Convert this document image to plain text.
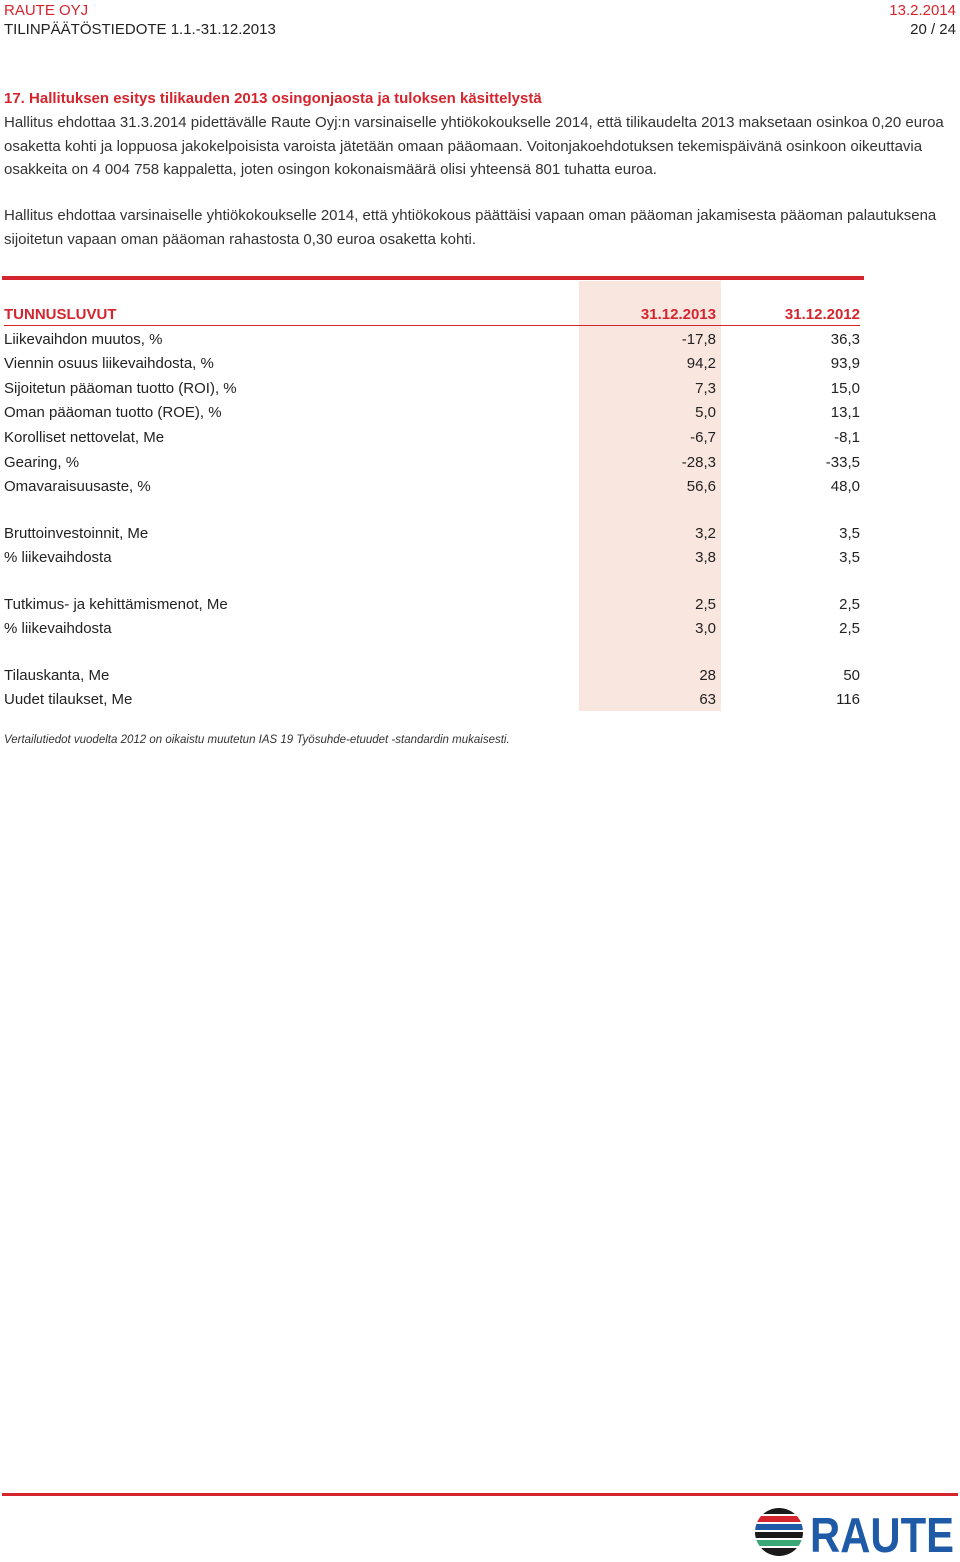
RAUTE OYJ
TILINPÄÄTÖSTIEDOTE 1.1.-31.12.2013
13.2.2014
20 / 24
17. Hallituksen esitys tilikauden 2013 osingonjaosta ja tuloksen käsittelystä
Hallitus ehdottaa 31.3.2014 pidettävälle Raute Oyj:n varsinaiselle yhtiökokoukselle 2014, että tilikaudelta 2013 maksetaan osinkoa 0,20 euroa osaketta kohti ja loppuosa jakokelpoisista varoista jätetään omaan pääomaan. Voitonjakoehdotuksen tekemispäivänä osinkoon oikeuttavia osakkeita on 4 004 758 kappaletta, joten osingon kokonaismäärä olisi yhteensä 801 tuhatta euroa.
Hallitus ehdottaa varsinaiselle yhtiökokoukselle 2014, että yhtiökokous päättäisi vapaan oman pääoman jakamisesta pääoman palautuksena sijoitetun vapaan oman pääoman rahastosta 0,30 euroa osaketta kohti.
TUNNUSLUVUT	31.12.2013	31.12.2012
Liikevaihdon muutos, %	-17,8	36,3
Viennin osuus liikevaihdosta, %	94,2	93,9
Sijoitetun pääoman tuotto (ROI), %	7,3	15,0
Oman pääoman tuotto (ROE), %	5,0	13,1
Korolliset nettovelat, Me	-6,7	-8,1
Gearing, %	-28,3	-33,5
Omavaraisuusaste, %	56,6	48,0
Bruttoinvestoinnit, Me	3,2	3,5
% liikevaihdosta	3,8	3,5
Tutkimus- ja kehittämismenot, Me	2,5	2,5
% liikevaihdosta	3,0	2,5
Tilauskanta, Me	28	50
Uudet tilaukset, Me	63	116
Vertailutiedot vuodelta 2012 on oikaistu muutetun IAS 19 Työsuhde-etuudet -standardin mukaisesti.
RAUTE
